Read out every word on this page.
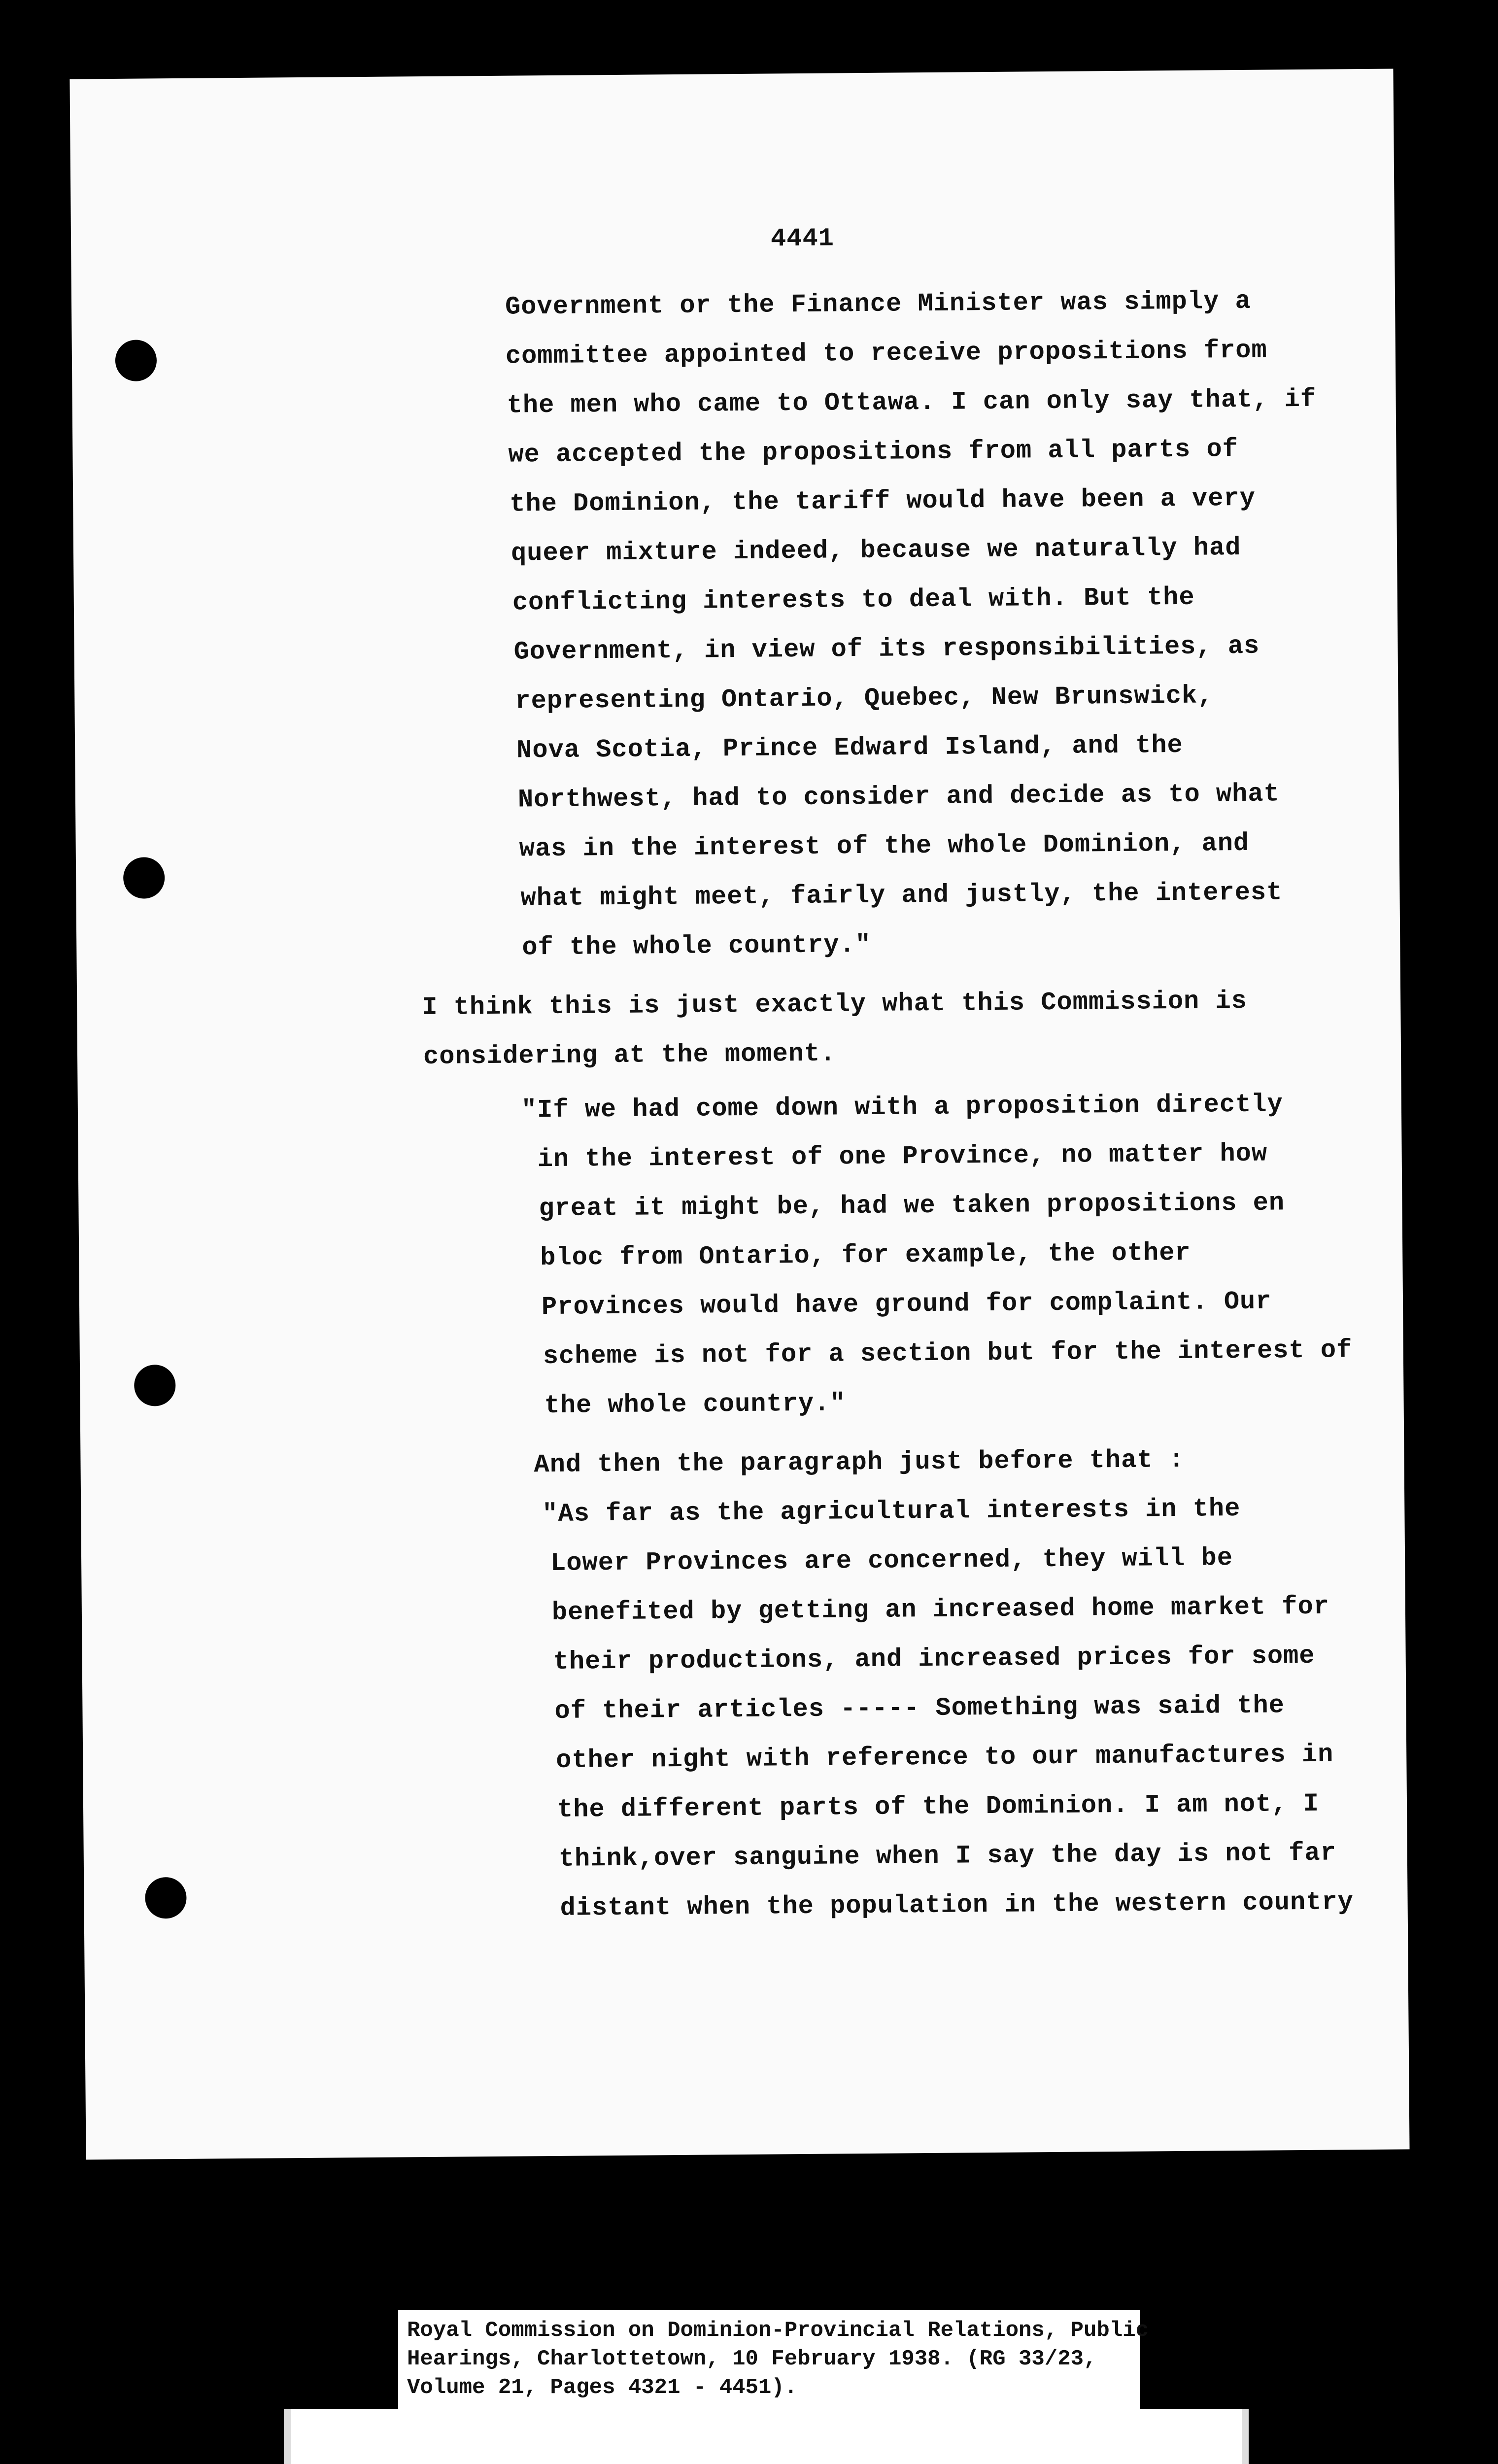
4441
Government or the Finance Minister was simply a
committee appointed to receive propositions from
the men who came to Ottawa. I can only say that, if
we accepted the propositions from all parts of
the Dominion, the tariff would have been a very
queer mixture indeed, because we naturally had
conflicting interests to deal with. But the
Government, in view of its responsibilities, as
representing Ontario, Quebec, New Brunswick,
Nova Scotia, Prince Edward Island, and the
Northwest, had to consider and decide as to what
was in the interest of the whole Dominion, and
what might meet, fairly and justly, the interest
of the whole country."
I think this is just exactly what this Commission is
considering at the moment.
"If we had come down with a proposition directly
in the interest of one Province, no matter how
great it might be, had we taken propositions en
bloc from Ontario, for example, the other
Provinces would have ground for complaint. Our
scheme is not for a section but for the interest of
the whole country."
And then the paragraph just before that :
"As far as the agricultural interests in the
Lower Provinces are concerned, they will be
benefited by getting an increased home market for
their productions, and increased prices for some
of their articles ----- Something was said the
other night with reference to our manufactures in
the different parts of the Dominion. I am not, I
think,over sanguine when I say the day is not far
distant when the population in the western country
Royal Commission on Dominion-Provincial Relations, Public
Hearings, Charlottetown, 10 February 1938. (RG 33/23,
Volume 21, Pages 4321 - 4451).
